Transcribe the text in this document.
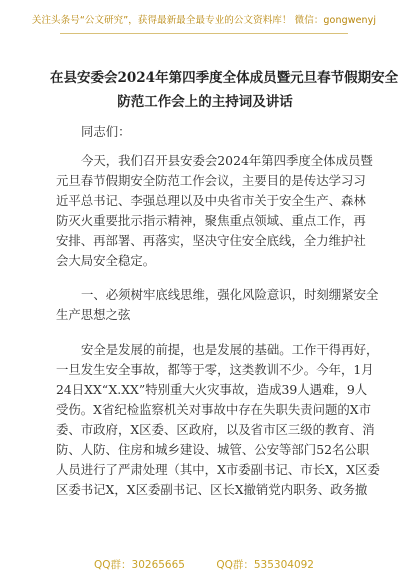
关注头条号“公文研究”，获得最新最全最专业的公文资料库！ 微信：gongwenyj
在县安委会2024年第四季度全体成员暨元旦春节假期安全
防范工作会上的主持词及讲话
同志们：
今天，我们召开县安委会2024年第四季度全体成员暨
元旦春节假期安全防范工作会议，主要目的是传达学习习
近平总书记、李强总理以及中央省市关于安全生产、森林
防灭火重要批示指示精神，聚焦重点领域、重点工作，再
安排、再部署、再落实，坚决守住安全底线，全力维护社
会大局安全稳定。
一、必须树牢底线思维，强化风险意识，时刻绷紧安全
生产思想之弦
安全是发展的前提，也是发展的基础。工作干得再好，
一旦发生安全事故，都等于零，这类教训不少。今年，1月
24日XX“X.XX”特别重大火灾事故，造成39人遇难，9人
受伤。X省纪检监察机关对事故中存在失职失责问题的X市
委、市政府，X区委、区政府，以及省市区三级的教育、消
防、人防、住房和城乡建设、城管、公安等部门52名公职
人员进行了严肃处理（其中，X市委副书记、市长X，X区委
区委书记X，X区委副书记、区长X撤销党内职务、政务撤
QQ群：30265665	QQ群：535304092
